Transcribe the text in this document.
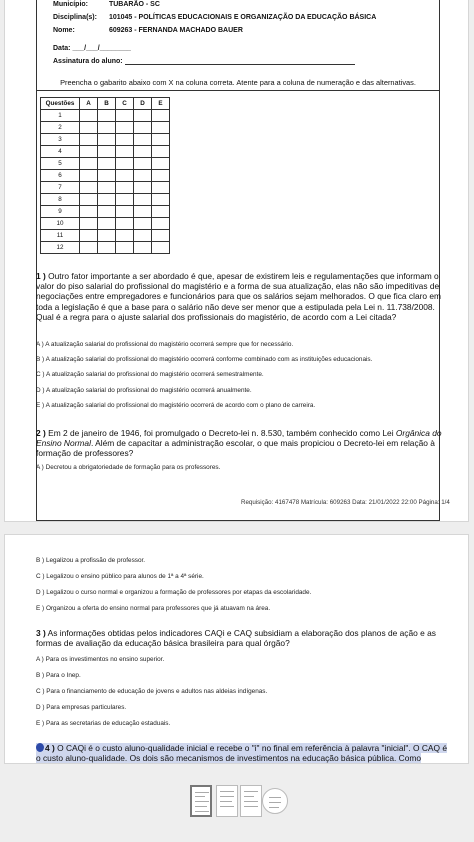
Município:	TUBARÃO - SC
Disciplina(s): 101045 - POLÍTICAS EDUCACIONAIS E ORGANIZAÇÃO DA EDUCAÇÃO BÁSICA
Nome:	609263 - FERNANDA MACHADO BAUER
Data: ___/___/________
Assinatura do aluno:
Preencha o gabarito abaixo com X na coluna correta. Atente para a coluna de numeração e das alternativas.
Questões	A	B	C	D	E
1					
2					
3					
4					
5					
6					
7					
8					
9					
10					
11					
12					
1 ) Outro fator importante a ser abordado é que, apesar de existirem leis e regulamentações que informam o valor do piso salarial do profissional do magistério e a forma de sua atualização, elas não são impeditivas de negociações entre empregadores e funcionários para que os salários sejam melhorados. O que fica claro em toda a legislação é que a base para o salário não deve ser menor que a estipulada pela Lei n. 11.738/2008. Qual é a regra para o ajuste salarial dos profissionais do magistério, de acordo com a Lei citada?
A ) A atualização salarial do profissional do magistério ocorrerá sempre que for necessário.
B ) A atualização salarial do profissional do magistério ocorrerá conforme combinado com as instituições educacionais.
C ) A atualização salarial do profissional do magistério ocorrerá semestralmente.
D ) A atualização salarial do profissional do magistério ocorrerá anualmente.
E ) A atualização salarial do profissional do magistério ocorrerá de acordo com o plano de carreira.
2 ) Em 2 de janeiro de 1946, foi promulgado o Decreto-lei n. 8.530, também conhecido como Lei Orgânica do Ensino Normal. Além de capacitar a administração escolar, o que mais propiciou o Decreto-lei em relação à formação de professores?
A ) Decretou a obrigatoriedade de formação para os professores.
Requisição: 4167478 Matrícula: 609263 Data: 21/01/2022 22:00 Página: 1/4
B ) Legalizou a profissão de professor.
C ) Legalizou o ensino público para alunos de 1ª a 4ª série.
D ) Legalizou o curso normal e organizou a formação de professores por etapas da escolaridade.
E ) Organizou a oferta do ensino normal para professores que já atuavam na área.
3 ) As informações obtidas pelos indicadores CAQi e CAQ subsidiam a elaboração dos planos de ação e as formas de avaliação da educação básica brasileira para qual órgão?
A ) Para os investimentos no ensino superior.
B ) Para o Inep.
C ) Para o financiamento de educação de jovens e adultos nas aldeias indígenas.
D ) Para empresas particulares.
E ) Para as secretarias de educação estaduais.
4 ) O CAQi é o custo aluno-qualidade inicial e recebe o "i" no final em referência à palavra "inicial". O CAQ é o custo aluno-qualidade. Os dois são mecanismos de investimentos na educação básica pública. Como
